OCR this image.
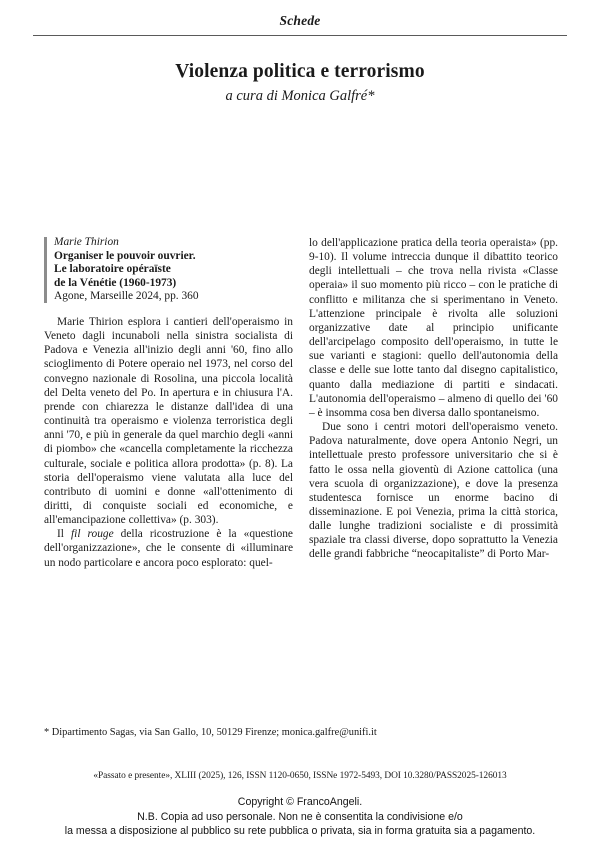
Schede
Violenza politica e terrorismo
a cura di Monica Galfré*
Marie Thirion
Organiser le pouvoir ouvrier.
Le laboratoire opéraïste
de la Vénétie (1960-1973)
Agone, Marseille 2024, pp. 360

Marie Thirion esplora i cantieri dell'operaismo in Veneto dagli incunaboli nella sinistra socialista di Padova e Venezia all'inizio degli anni '60, fino allo scioglimento di Potere operaio nel 1973, nel corso del convegno nazionale di Rosolina, una piccola località del Delta veneto del Po. In apertura e in chiusura l'A. prende con chiarezza le distanze dall'idea di una continuità tra operaismo e violenza terroristica degli anni '70, e più in generale da quel marchio degli «anni di piombo» che «cancella completamente la ricchezza culturale, sociale e politica allora prodotta» (p. 8). La storia dell'operaismo viene valutata alla luce del contributo di uomini e donne «all'ottenimento di diritti, di conquiste sociali ed economiche, e all'emancipazione collettiva» (p. 303).

Il fil rouge della ricostruzione è la «questione dell'organizzazione», che le consente di «illuminare un nodo particolare e ancora poco esplorato: quel-

lo dell'applicazione pratica della teoria operaista» (pp. 9-10). Il volume intreccia dunque il dibattito teorico degli intellettuali – che trova nella rivista «Classe operaia» il suo momento più ricco – con le pratiche di conflitto e militanza che si sperimentano in Veneto. L'attenzione principale è rivolta alle soluzioni organizzative date al principio unificante dell'arcipelago composito dell'operaismo, in tutte le sue varianti e stagioni: quello dell'autonomia della classe e delle sue lotte tanto dal disegno capitalistico, quanto dalla mediazione di partiti e sindacati. L'autonomia dell'operaismo – almeno di quello dei '60 – è insomma cosa ben diversa dallo spontaneismo.

Due sono i centri motori dell'operaismo veneto. Padova naturalmente, dove opera Antonio Negri, un intellettuale presto professore universitario che si è fatto le ossa nella gioventù di Azione cattolica (una vera scuola di organizzazione), e dove la presenza studentesca fornisce un enorme bacino di disseminazione. E poi Venezia, prima la città storica, dalle lunghe tradizioni socialiste e di prossimità spaziale tra classi diverse, dopo soprattutto la Venezia delle grandi fabbriche “neocapitaliste” di Porto Mar-

* Dipartimento Sagas, via San Gallo, 10, 50129 Firenze; monica.galfre@unifi.it
«Passato e presente», XLIII (2025), 126, ISSN 1120-0650, ISSNe 1972-5493, DOI 10.3280/PASS2025-126013
Copyright © FrancoAngeli.
N.B. Copia ad uso personale. Non ne è consentita la condivisione e/o
la messa a disposizione al pubblico su rete pubblica o privata, sia in forma gratuita sia a pagamento.
